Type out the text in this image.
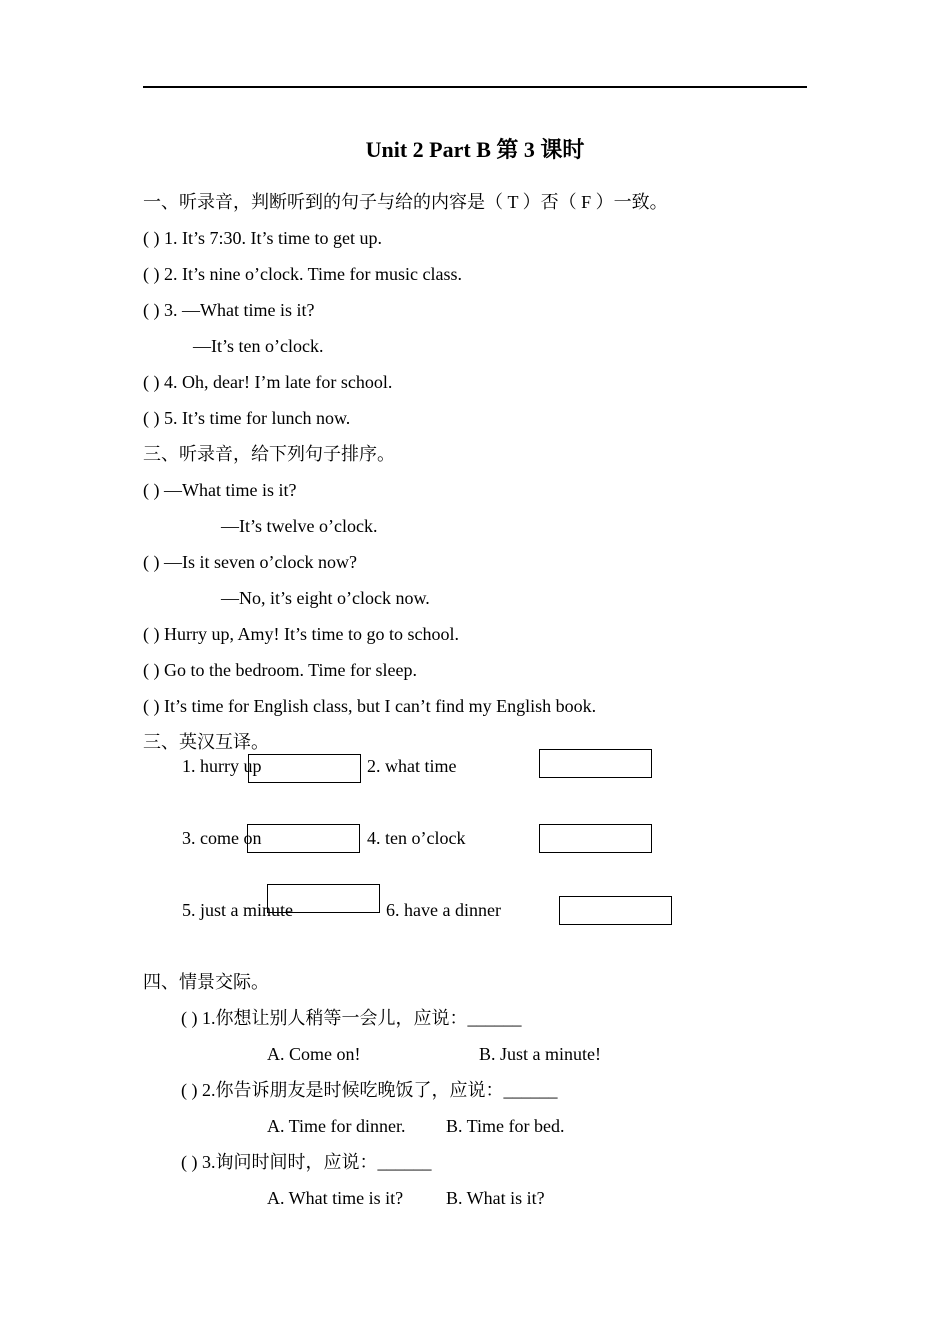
Unit 2 Part B 第 3 课时
一、听录音，判断听到的句子与给的内容是（ T ）否（ F ）一致。
( ) 1. It’s 7:30. It’s time to get up.
( ) 2. It’s nine o’clock. Time for music class.
( ) 3. —What time is it?
—It’s ten o’clock.
( ) 4. Oh, dear! I’m late for school.
( ) 5. It’s time for lunch now.
三、听录音，给下列句子排序。
( ) —What time is it?
—It’s twelve o’clock.
( ) —Is it seven o’clock now?
—No, it’s eight o’clock now.
( ) Hurry up, Amy! It’s time to go to school.
( ) Go to the bedroom. Time for sleep.
( ) It’s time for English class, but I can’t find my English book.
三、英汉互译。
1. hurry up	2. what time
3. come on	4. ten o’clock
5. just a minute	6. have a dinner
四、情景交际。
( ) 1.你想让别人稍等一会儿，应说：______
A. Come on!	B. Just a minute!
( ) 2.你告诉朋友是时候吃晚饭了，应说：______
A. Time for dinner. B. Time for bed.
( ) 3.询问时间时，应说：______
A. What time is it? B. What is it?
